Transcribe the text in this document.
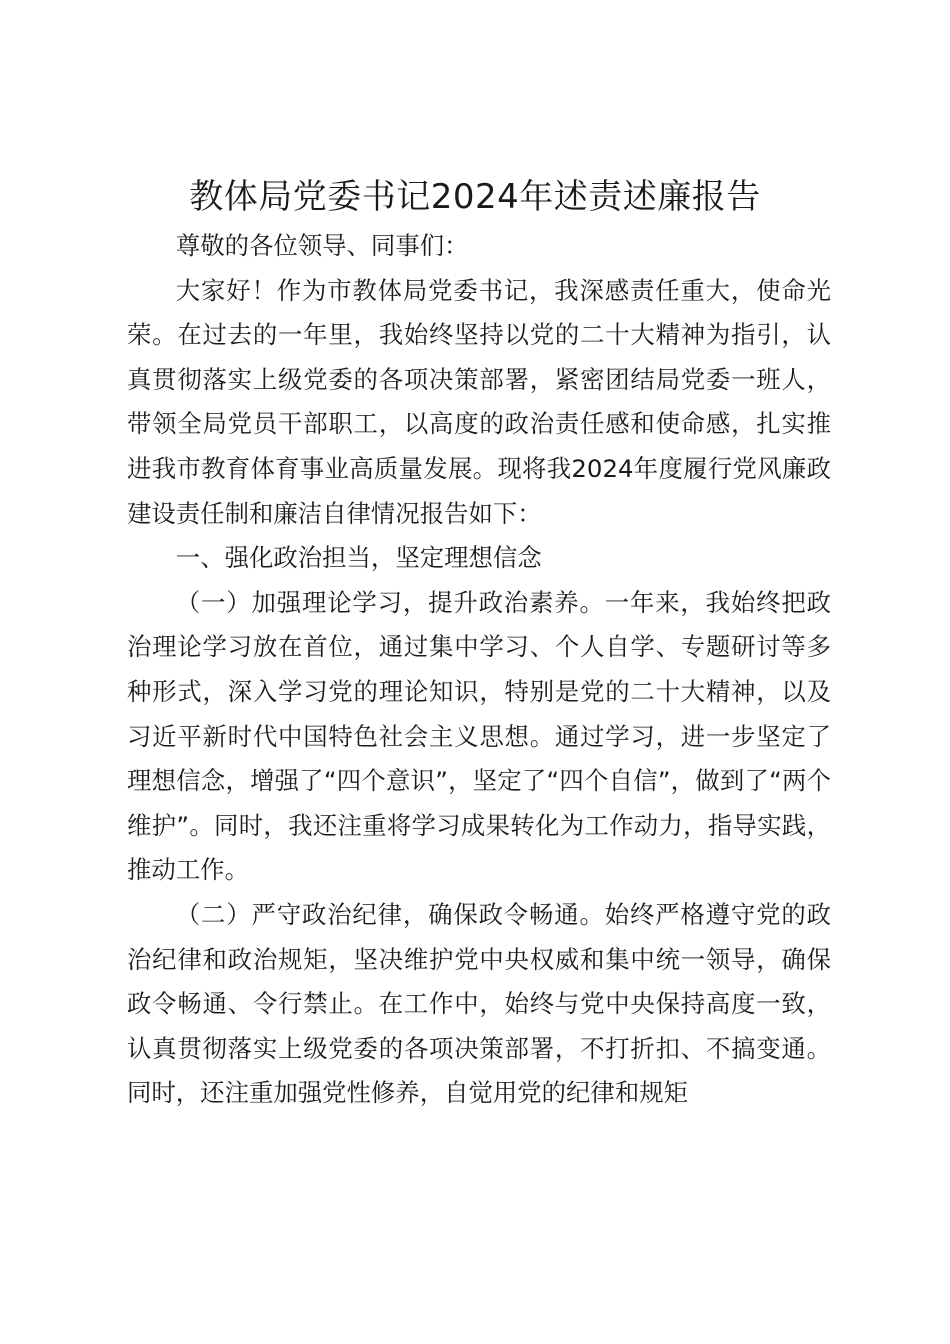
教体局党委书记2024年述责述廉报告

尊敬的各位领导、同事们：

大家好！作为市教体局党委书记，我深感责任重大，使命光荣。在过去的一年里，我始终坚持以党的二十大精神为指引，认真贯彻落实上级党委的各项决策部署，紧密团结局党委一班人，带领全局党员干部职工，以高度的政治责任感和使命感，扎实推进我市教育体育事业高质量发展。现将我2024年度履行党风廉政建设责任制和廉洁自律情况报告如下：

一、强化政治担当，坚定理想信念

（一）加强理论学习，提升政治素养。一年来，我始终把政治理论学习放在首位，通过集中学习、个人自学、专题研讨等多种形式，深入学习党的理论知识，特别是党的二十大精神，以及习近平新时代中国特色社会主义思想。通过学习，进一步坚定了理想信念，增强了“四个意识”，坚定了“四个自信”，做到了“两个维护”。同时，我还注重将学习成果转化为工作动力，指导实践，推动工作。

（二）严守政治纪律，确保政令畅通。始终严格遵守党的政治纪律和政治规矩，坚决维护党中央权威和集中统一领导，确保政令畅通、令行禁止。在工作中，始终与党中央保持高度一致，认真贯彻落实上级党委的各项决策部署，不打折扣、不搞变通。同时，还注重加强党性修养，自觉用党的纪律和规矩
